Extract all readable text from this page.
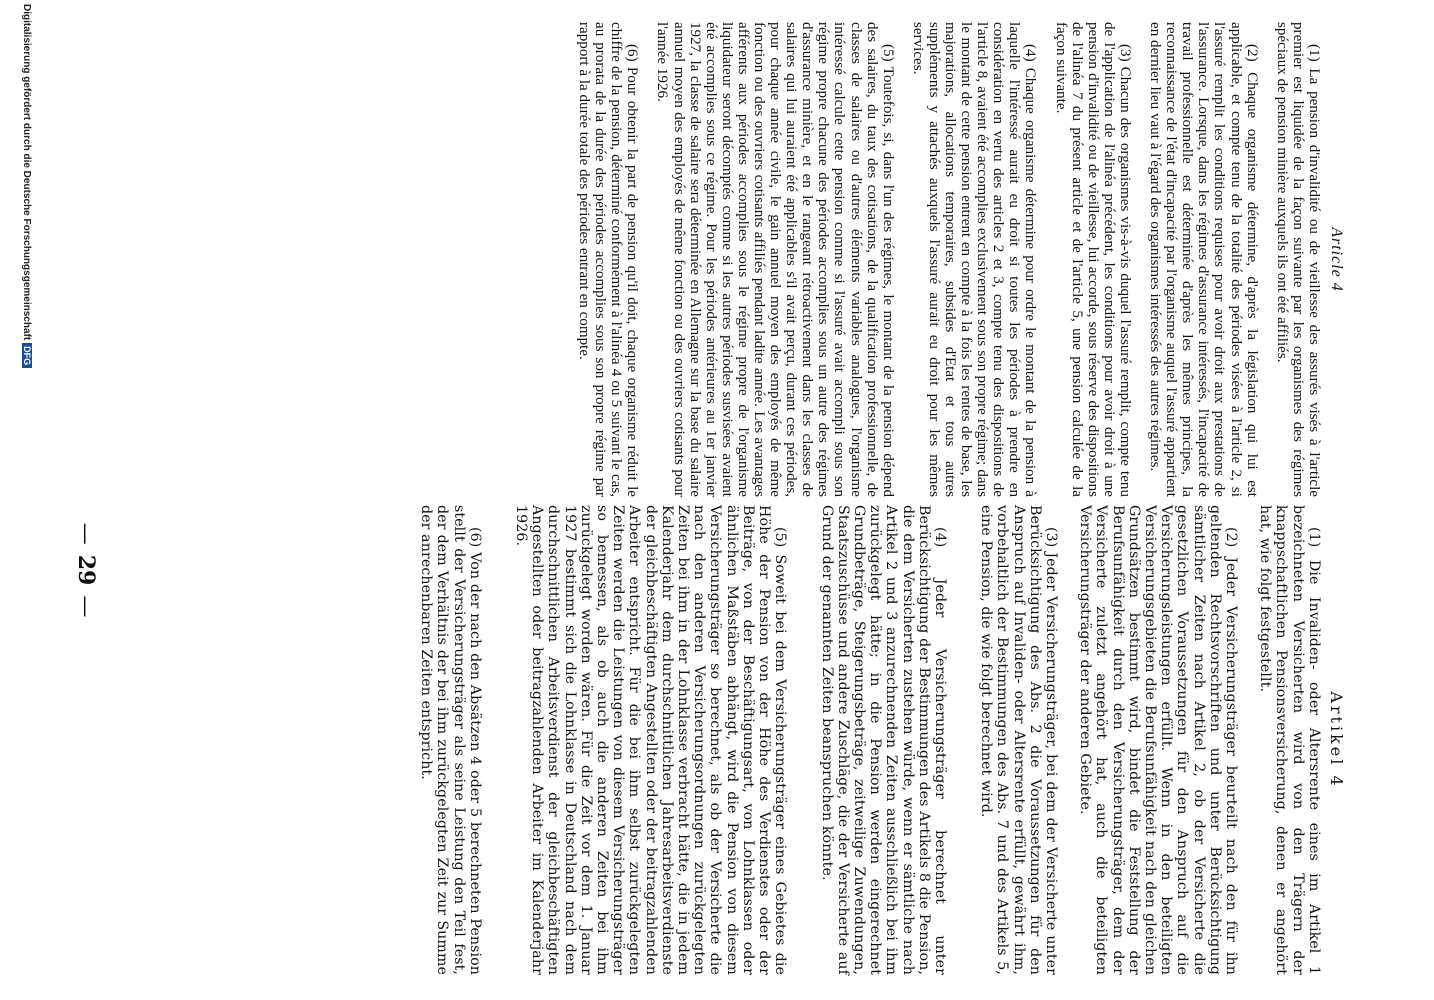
—29—
Article 4

(1) La pension d'invalidité ou de vieillesse des assurés visés à l'article premier est liquidée de la façon suivante par les organismes des régimes spéciaux de pension minière auxquels ils ont été affiliés.

(2) Chaque organisme détermine, d'après la législation qui lui est applicable, et compte tenu de la totalité des périodes visées à l'article 2, si l'assuré remplit les conditions requises pour avoir droit aux prestations de l'assurance. Lorsque, dans les régimes d'assurance intéressés, l'incapacité de travail professionnelle est déterminée d'après les mêmes principes, la reconnaissance de l'état d'incapacité par l'organisme auquel l'assuré appartient en dernier lieu vaut à l'égard des organismes intéressés des autres régimes.

(3) Chacun des organismes vis-à-vis duquel l'assuré remplit, compte tenu de l'application de l'alinéa précédent, les conditions pour avoir droit à une pension d'invalidité ou de vieillesse, lui accorde, sous réserve des dispositions de l'alinéa 7 du présent article et de l'article 5, une pension calculée de la façon suivante.

(4) Chaque organisme détermine pour ordre le montant de la pension à laquelle l'intéressé aurait eu droit si toutes les périodes à prendre en considération en vertu des articles 2 et 3, compte tenu des dispositions de l'article 8, avaient été accomplies exclusivement sous son propre régime; dans le montant de cette pension entrent en compte à la fois les rentes de base, les majorations, allocations temporaires, subsides d'Etat et tous autres suppléments y attachés auxquels l'assuré aurait eu droit pour les mêmes services.

(5) Toutefois, si, dans l'un des régimes, le montant de la pension dépend des salaires, du taux des cotisations, de la qualification professionnelle, de classes de salaires ou d'autres éléments variables analogues, l'organisme intéressé calcule cette pension comme si l'assuré avait accompli sous son régime propre chacune des périodes accomplies sous un autre des régimes d'assurance minière, et en le rangeant rétroactivement dans les classes de salaires qui lui auraient été applicables s'il avait perçu, durant ces périodes, pour chaque année civile, le gain annuel moyen des employés de même fonction ou des ouvriers cotisants affiliés pendant ladite année. Les avantages afférents aux périodes accomplies sous le régime propre de l'organisme liquidateur seront décomptés comme si les autres périodes susvisées avaient été accomplies sous ce régime. Pour les périodes antérieures au 1er janvier 1927, la classe de salaire sera déterminée en Allemagne sur la base du salaire annuel moyen des employés de même fonction ou des ouvriers cotisants pour l'année 1926.

(6) Pour obtenir la part de pension qu'il doit, chaque organisme réduit le chiffre de la pension, déterminé conformément à l'alinéa 4 ou 5 suivant le cas, au prorata de la durée des périodes accomplies sous son propre régime par rapport à la durée totale des périodes entrant en compte.

Artikel 4

(1) Die Invaliden- oder Altersrente eines im Artikel 1 bezeichneten Versicherten wird von den Trägern der knappschaftlichen Pensionsversicherung, denen er angehört hat, wie folgt festgestellt.

(2) Jeder Versicherungsträger beurteilt nach den für ihn geltenden Rechtsvorschriften und unter Berücksichtigung sämtlicher Zeiten nach Artikel 2, ob der Versicherte die gesetzlichen Voraussetzungen für den Anspruch auf die Versicherungsleistungen erfüllt. Wenn in den beteiligten Versicherungsgebieten die Berufsunfähigkeit nach den gleichen Grundsätzen bestimmt wird, bindet die Feststellung der Berufsunfähigkeit durch den Versicherungsträger, dem der Versicherte zuletzt angehört hat, auch die beteiligten Versicherungsträger der anderen Gebiete.

(3) Jeder Versicherungsträger, bei dem der Versicherte unter Berücksichtigung des Abs. 2 die Voraussetzungen für den Anspruch auf Invaliden- oder Altersrente erfüllt, gewährt ihm, vorbehaltlich der Bestimmungen des Abs. 7 und des Artikels 5, eine Pension, die wie folgt berechnet wird.

(4) Jeder Versicherungsträger berechnet unter Berücksichtigung der Bestimmungen des Artikels 8 die Pension, die dem Versicherten zustehen würde, wenn er sämtliche nach Artikel 2 und 3 anzurechnenden Zeiten ausschließlich bei ihm zurückgelegt hätte; in die Pension werden eingerechnet Grundbeträge, Steigerungsbeträge, zeitweilige Zuwendungen, Staatszuschüsse und andere Zuschläge, die der Versicherte auf Grund der genannten Zeiten beanspruchen könnte.

(5) Soweit bei dem Versicherungsträger eines Gebietes die Höhe der Pension von der Höhe des Verdienstes oder der Beiträge, von der Beschäftigungsart, von Lohnklassen oder ähnlichen Maßstäben abhängt, wird die Pension von diesem Versicherungsträger so berechnet, als ob der Versicherte die nach den anderen Versicherungsordnungen zurückgelegten Zeiten bei ihm in der Lohnklasse verbracht hätte, die in jedem Kalenderjahr dem durchschnittlichen Jahresarbeitsverdienste der gleichbeschäftigten Angestellten oder der beitragzahlenden Arbeiter entspricht. Für die bei ihm selbst zurückgelegten Zeiten werden die Leistungen von diesem Versicherungsträger so bemessen, als ob auch die anderen Zeiten bei ihm zurückgelegt worden wären. Für die Zeit vor dem 1. Januar 1927 bestimmt sich die Lohnklasse in Deutschland nach dem durchschnittlichen Arbeitsverdienst der gleichbeschäftigten Angestellten oder beitragzahlenden Arbeiter im Kalenderjahr 1926.

(6) Von der nach den Absätzen 4 oder 5 berechneten Pension stellt der Versicherungsträger als seine Leistung den Teil fest, der dem Verhältnis der bei ihm zurückgelegten Zeit zur Summe der anrechenbaren Zeiten entspricht.

Digitalisierung gefördert durch die Deutsche ForschungsgemeinschaftDFG
